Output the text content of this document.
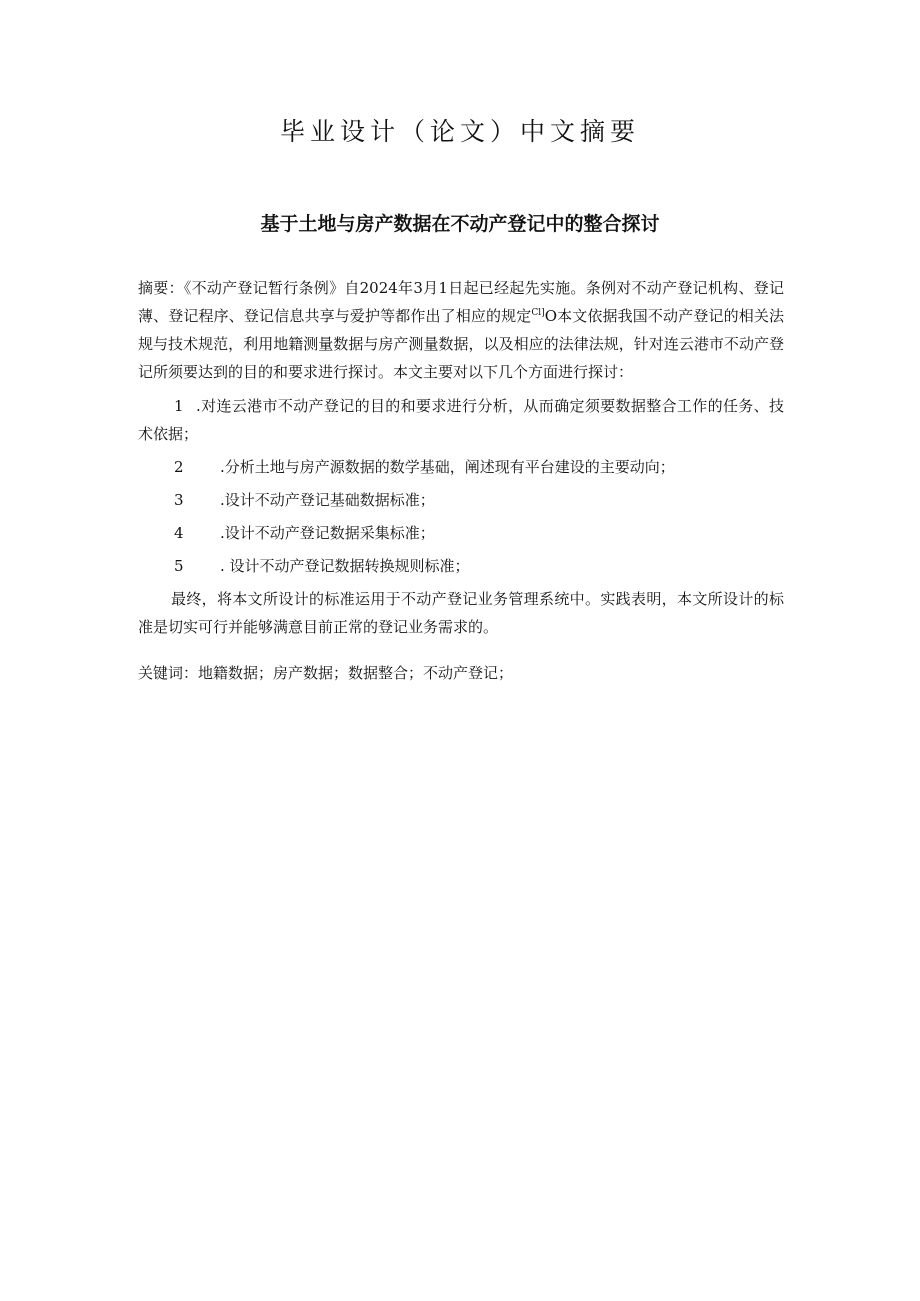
毕业设计（论文）中文摘要
基于土地与房产数据在不动产登记中的整合探讨

摘要：《不动产登记暂行条例》自2024年3月1日起已经起先实施。条例对不动产登记机构、登记薄、登记程序、登记信息共享与爱护等都作出了相应的规定$^{Cl]}$O本文依据我国不动产登记的相关法规与技术规范，利用地籍测量数据与房产测量数据，以及相应的法律法规，针对连云港市不动产登记所须要达到的目的和要求进行探讨。本文主要对以下几个方面进行探讨：

1 .对连云港市不动产登记的目的和要求进行分析，从而确定须要数据整合工作的任务、技术依据；

2	.分析土地与房产源数据的数学基础，阐述现有平台建设的主要动向；
3	.设计不动产登记基础数据标准；
4	.设计不动产登记数据采集标准；
5	. 设计不动产登记数据转换规则标准；

最终，将本文所设计的标准运用于不动产登记业务管理系统中。实践表明，本文所设计的标准是切实可行并能够满意目前正常的登记业务需求的。

关键词：地籍数据；房产数据；数据整合；不动产登记；
